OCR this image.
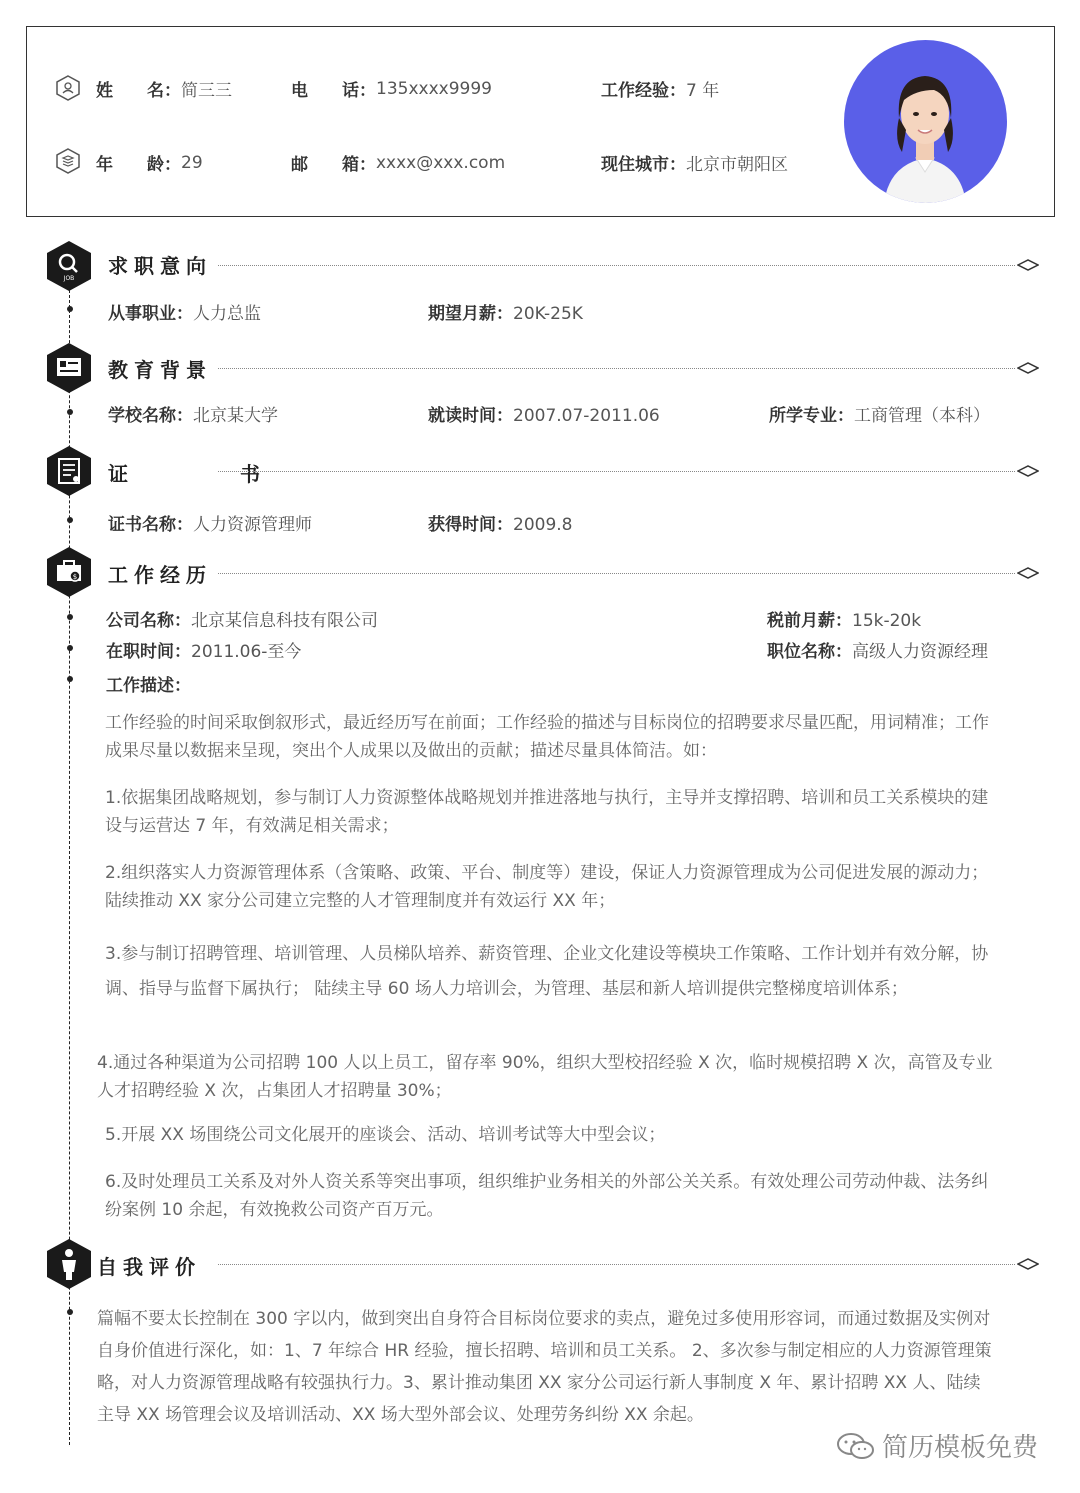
姓　　名： 简三三	电　　话： 135xxxx9999	工作经验： 7 年
年　　龄： 29	邮　　箱： xxxx@xxx.com	现住城市： 北京市朝阳区
JOB
求职意向
从事职业：人力总监	期望月薪：20K-25K
教育背景
学校名称：北京某大学	就读时间：2007.07-2011.06	所学专业：工商管理（本科）
证　书
证书名称：人力资源管理师	获得时间：2009.8
$ 工作经历
公司名称：北京某信息科技有限公司	税前月薪：15k-20k
在职时间：2011.06-至今	职位名称：高级人力资源经理
工作描述：
工作经验的时间采取倒叙形式，最近经历写在前面；工作经验的描述与目标岗位的招聘要求尽量匹配，用词精准；工作成果尽量以数据来呈现，突出个人成果以及做出的贡献；描述尽量具体简洁。如：
1.依据集团战略规划，参与制订人力资源整体战略规划并推进落地与执行，主导并支撑招聘、培训和员工关系模块的建设与运营达 7 年，有效满足相关需求；
2.组织落实人力资源管理体系（含策略、政策、平台、制度等）建设，保证人力资源管理成为公司促进发展的源动力； 陆续推动 XX 家分公司建立完整的人才管理制度并有效运行 XX 年；
3.参与制订招聘管理、培训管理、人员梯队培养、薪资管理、企业文化建设等模块工作策略、工作计划并有效分解，协调、指导与监督下属执行； 陆续主导 60 场人力培训会，为管理、基层和新人培训提供完整梯度培训体系；
4.通过各种渠道为公司招聘 100 人以上员工，留存率 90%，组织大型校招经验 X 次，临时规模招聘 X 次，高管及专业人才招聘经验 X 次，占集团人才招聘量 30%；
5.开展 XX 场围绕公司文化展开的座谈会、活动、培训考试等大中型会议；
6.及时处理员工关系及对外人资关系等突出事项，组织维护业务相关的外部公关关系。有效处理公司劳动仲裁、法务纠纷案例 10 余起，有效挽救公司资产百万元。
自我评价
篇幅不要太长控制在 300 字以内，做到突出自身符合目标岗位要求的卖点，避免过多使用形容词，而通过数据及实例对自身价值进行深化，如：1、7 年综合 HR 经验，擅长招聘、培训和员工关系。 2、多次参与制定相应的人力资源管理策略，对人力资源管理战略有较强执行力。3、累计推动集团 XX 家分公司运行新人事制度 X 年、累计招聘 XX 人、陆续主导 XX 场管理会议及培训活动、XX 场大型外部会议、处理劳务纠纷 XX 余起。
简历模板免费
